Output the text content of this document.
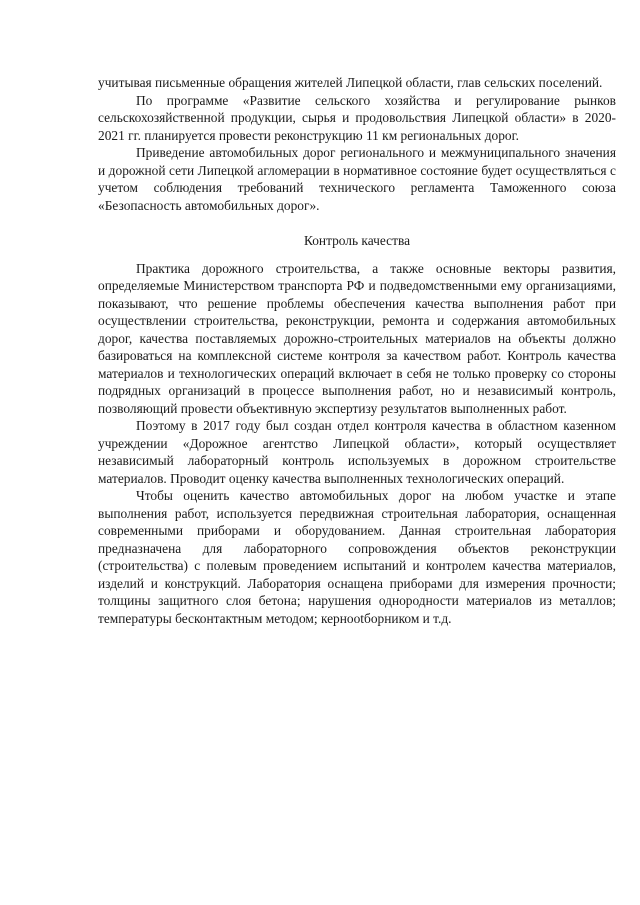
учитывая письменные обращения жителей Липецкой области, глав сельских поселений.

По программе «Развитие сельского хозяйства и регулирование рынков сельскохозяйственной продукции, сырья и продовольствия Липецкой области» в 2020-2021 гг. планируется провести реконструкцию 11 км региональных дорог.

Приведение автомобильных дорог регионального и межмуниципального значения и дорожной сети Липецкой агломерации в нормативное состояние будет осуществляться с учетом соблюдения требований технического регламента Таможенного союза «Безопасность автомобильных дорог».

Контроль качества

Практика дорожного строительства, а также основные векторы развития, определяемые Министерством транспорта РФ и подведомственными ему организациями, показывают, что решение проблемы обеспечения качества выполнения работ при осуществлении строительства, реконструкции, ремонта и содержания автомобильных дорог, качества поставляемых дорожно-строительных материалов на объекты должно базироваться на комплексной системе контроля за качеством работ. Контроль качества материалов и технологических операций включает в себя не только проверку со стороны подрядных организаций в процессе выполнения работ, но и независимый контроль, позволяющий провести объективную экспертизу результатов выполненных работ.

Поэтому в 2017 году был создан отдел контроля качества в областном казенном учреждении «Дорожное агентство Липецкой области», который осуществляет независимый лабораторный контроль используемых в дорожном строительстве материалов. Проводит оценку качества выполненных технологических операций.

Чтобы оценить качество автомобильных дорог на любом участке и этапе выполнения работ, используется передвижная строительная лаборатория, оснащенная современными приборами и оборудованием. Данная строительная лаборатория предназначена для лабораторного сопровождения объектов реконструкции (строительства) с полевым проведением испытаний и контролем качества материалов, изделий и конструкций. Лаборатория оснащена приборами для измерения прочности; толщины защитного слоя бетона; нарушения однородности материалов из металлов; температуры бесконтактным методом; кернootборником и т.д.
